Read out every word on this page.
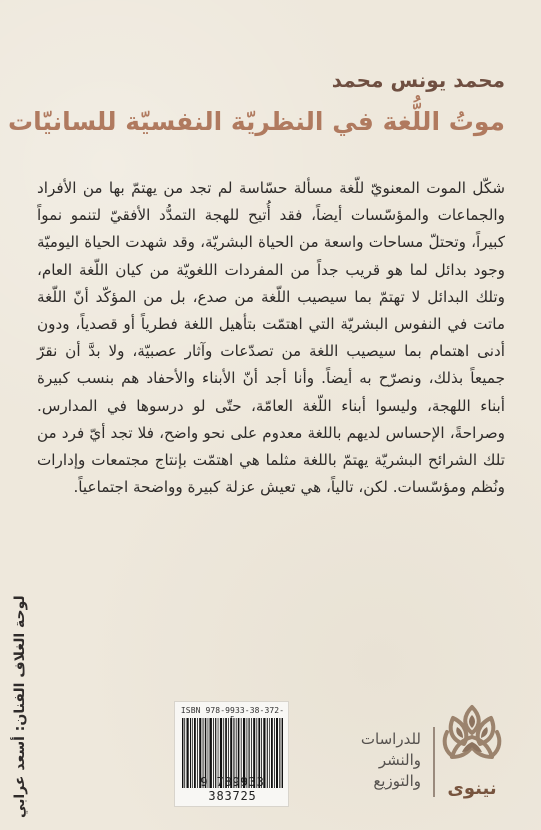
محمد يونس محمد
موتُ اللُّغة في النظريّة النفسيّة للسانيّات
شكّل الموت المعنويّ للّغة مسألة حسّاسة لم تجد من يهتمّ بها من الأفراد والجماعات والمؤسّسات أيضاً، فقد أُتيح للهجة التمدُّد الأفقيّ لتنمو نمواً كبيراً، وتحتلّ مساحات واسعة من الحياة البشريّة، وقد شهدت الحياة اليوميّة وجود بدائل لما هو قريب جداً من المفردات اللغويّة من كيان اللّغة العام، وتلك البدائل لا تهتمّ بما سيصيب اللّغة من صدع، بل من المؤكّد أنّ اللّغة ماتت في النفوس البشريّة التي اهتمّت بتأهيل اللغة فطرياً أو قصدياً، ودون أدنى اهتمام بما سيصيب اللغة من تصدّعات وآثار عصبيّة، ولا بدَّ أن نقرّ جميعاً بذلك، ونصرّح به أيضاً. وأنا أجد أنّ الأبناء والأحفاد هم بنسب كبيرة أبناء اللهجة، وليسوا أبناء اللّغة العامّة، حتّى لو درسوها في المدارس. وصراحةً، الإحساس لديهم باللغة معدوم على نحو واضح، فلا تجد أيّ فرد من تلك الشرائح البشريّة يهتمّ باللغة مثلما هي اهتمّت بإنتاج مجتمعات وإدارات ونُظم ومؤسّسات. لكن، تالياً، هي تعيش عزلة كبيرة وواضحة اجتماعياً.
لوحة الغلاف الفنان: أسعد عرابي	ISBN 978-9933-38-372-
9 789933 383725	نينوى
للدراسات
والنشر
والتوزيع
